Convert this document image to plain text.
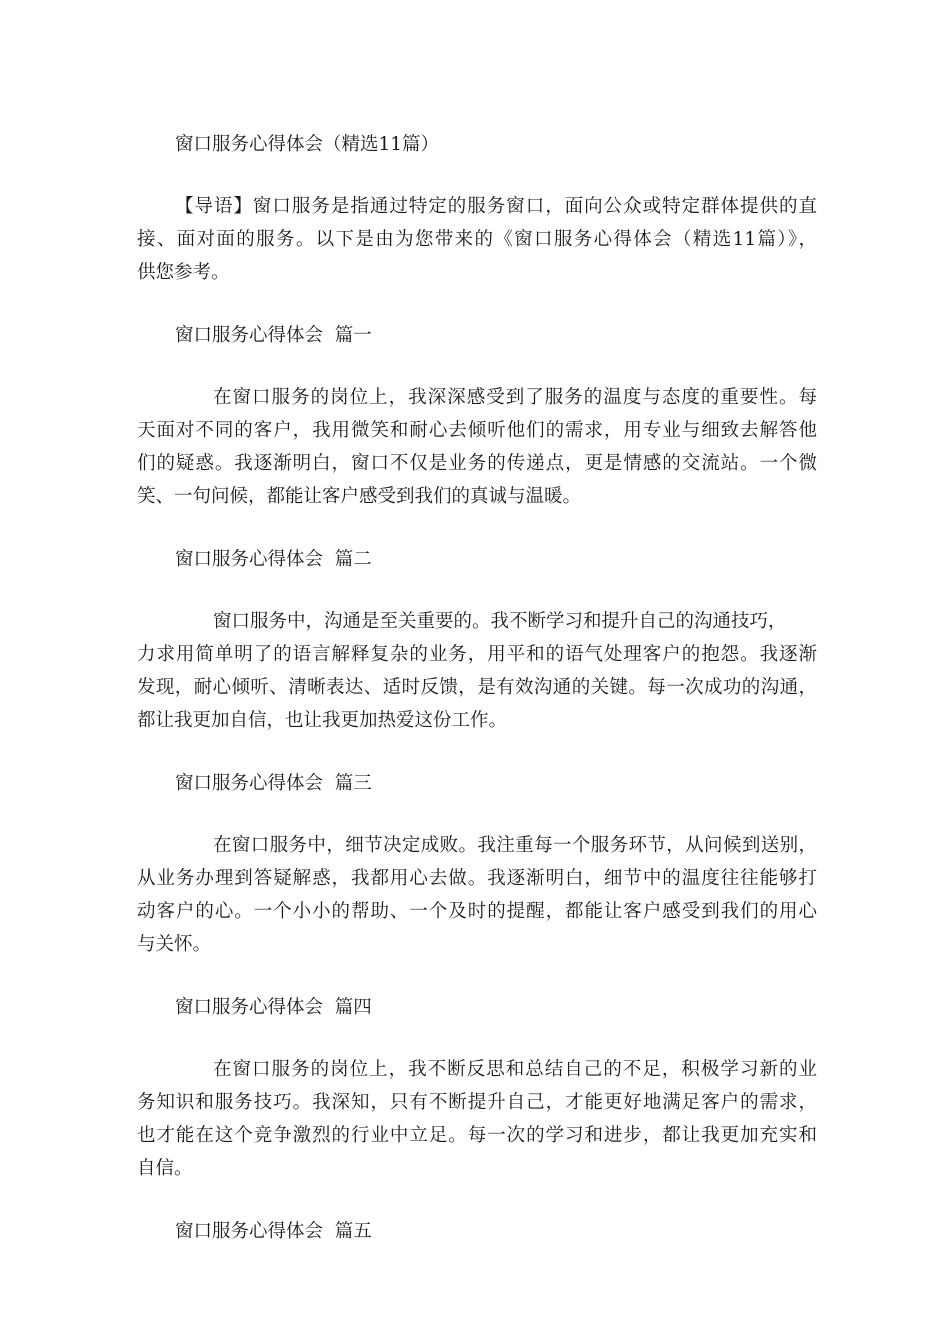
窗口服务心得体会（精选11篇）

【导语】窗口服务是指通过特定的服务窗口，面向公众或特定群体提供的直

接、面对面的服务。以下是由为您带来的《窗口服务心得体会（精选11篇）》，

供您参考。

窗口服务心得体会  篇一

在窗口服务的岗位上，我深深感受到了服务的温度与态度的重要性。每

天面对不同的客户，我用微笑和耐心去倾听他们的需求，用专业与细致去解答他

们的疑惑。我逐渐明白，窗口不仅是业务的传递点，更是情感的交流站。一个微

笑、一句问候，都能让客户感受到我们的真诚与温暖。

窗口服务心得体会  篇二

窗口服务中，沟通是至关重要的。我不断学习和提升自己的沟通技巧，

力求用简单明了的语言解释复杂的业务，用平和的语气处理客户的抱怨。我逐渐

发现，耐心倾听、清晰表达、适时反馈，是有效沟通的关键。每一次成功的沟通，

都让我更加自信，也让我更加热爱这份工作。

窗口服务心得体会  篇三

在窗口服务中，细节决定成败。我注重每一个服务环节，从问候到送别，

从业务办理到答疑解惑，我都用心去做。我逐渐明白，细节中的温度往往能够打

动客户的心。一个小小的帮助、一个及时的提醒，都能让客户感受到我们的用心

与关怀。

窗口服务心得体会  篇四

在窗口服务的岗位上，我不断反思和总结自己的不足，积极学习新的业

务知识和服务技巧。我深知，只有不断提升自己，才能更好地满足客户的需求，

也才能在这个竞争激烈的行业中立足。每一次的学习和进步，都让我更加充实和

自信。

窗口服务心得体会  篇五
